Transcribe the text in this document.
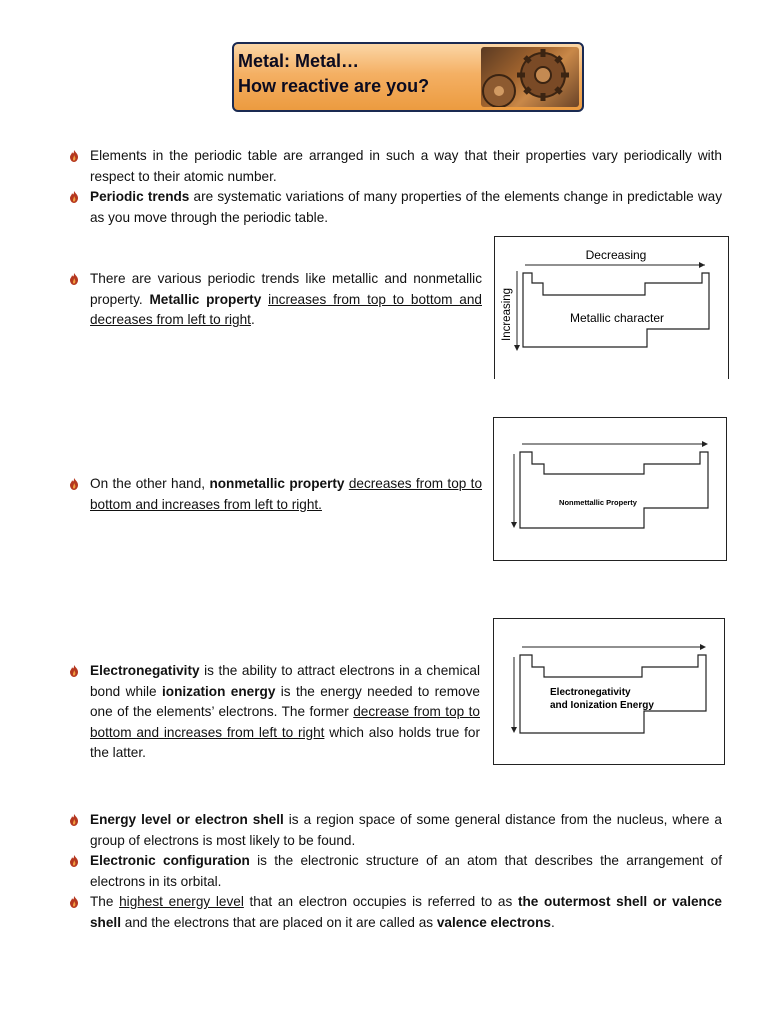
Metal: Metal…
How reactive are you?
Elements in the periodic table are arranged in such a way that their properties vary periodically with respect to their atomic number.
Periodic trends are systematic variations of many properties of the elements change in predictable way as you move through the periodic table.
There are various periodic trends like metallic and nonmetallic property. Metallic property increases from top to bottom and decreases from left to right.
Decreasing
Increasing	Metallic character
On the other hand, nonmetallic property decreases from top to bottom and increases from left to right.	Nonmettallic Property
Electronegativity is the ability to attract electrons in a chemical bond while ionization energy is the energy needed to remove one of the elements’ electrons. The former decrease from top to bottom and increases from left to right which also holds true for the latter.
Electronegativity
and Ionization Energy
Energy level or electron shell is a region space of some general distance from the nucleus, where a group of electrons is most likely to be found.
Electronic configuration is the electronic structure of an atom that describes the arrangement of electrons in its orbital.
The highest energy level that an electron occupies is referred to as the outermost shell or valence shell and the electrons that are placed on it are called as valence electrons.
